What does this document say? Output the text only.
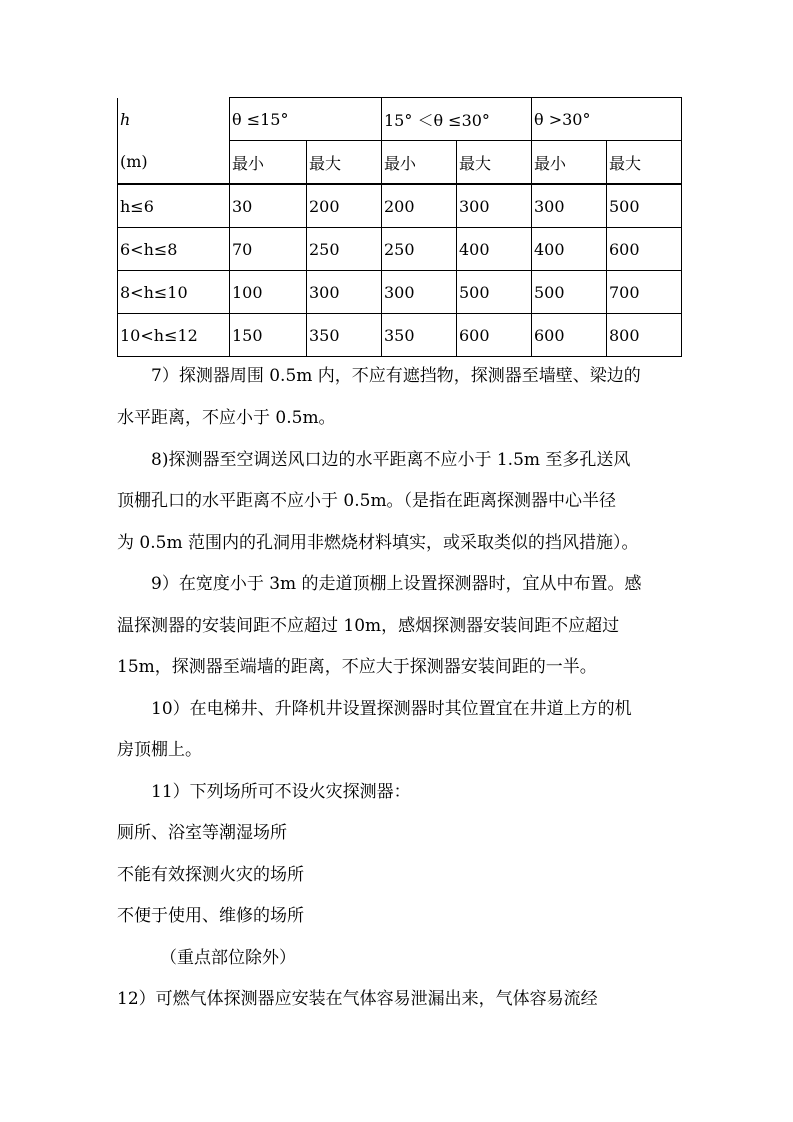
h	θ ≤15°		15° ＜θ ≤30°		θ >30°	
(m)	最小	最大	最小	最大	最小	最大
h≤6	30	200	200	300	300	500
6<h≤8	70	250	250	400	400	600
8<h≤10	100	300	300	500	500	700
10<h≤12	150	350	350	600	600	800
7）探测器周围 0.5m 内，不应有遮挡物，探测器至墙壁、梁边的
水平距离，不应小于 0.5m。
8)探测器至空调送风口边的水平距离不应小于 1.5m 至多孔送风
顶棚孔口的水平距离不应小于 0.5m。（是指在距离探测器中心半径
为 0.5m 范围内的孔洞用非燃烧材料填实，或采取类似的挡风措施）。
9）在宽度小于 3m 的走道顶棚上设置探测器时，宜从中布置。感
温探测器的安装间距不应超过 10m，感烟探测器安装间距不应超过
15m，探测器至端墙的距离，不应大于探测器安装间距的一半。
10）在电梯井、升降机井设置探测器时其位置宜在井道上方的机
房顶棚上。
11）下列场所可不设火灾探测器：
厕所、浴室等潮湿场所
不能有效探测火灾的场所
不便于使用、维修的场所
（重点部位除外）
12）可燃气体探测器应安装在气体容易泄漏出来，气体容易流经
